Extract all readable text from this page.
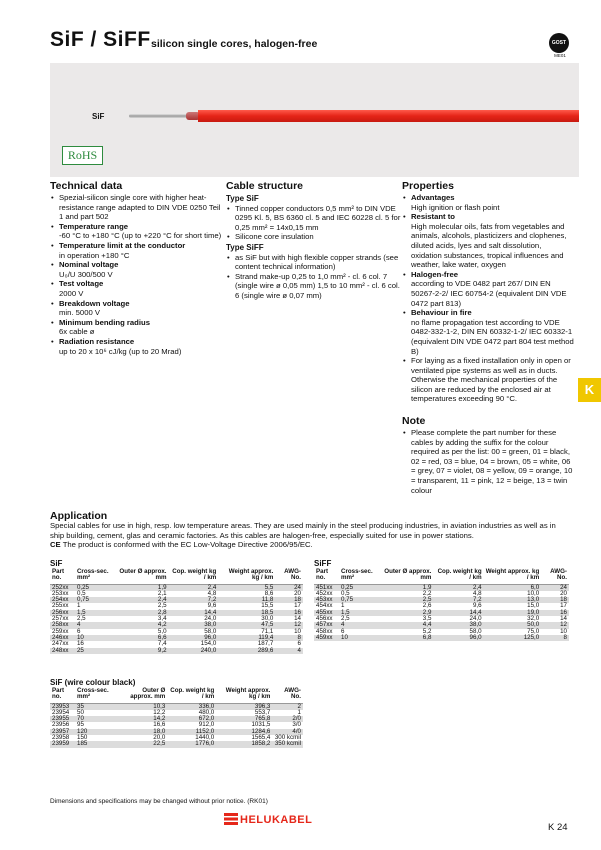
SiF / SiFF silicon single cores, halogen-free	GOST
ME01
SiF
RoHS
Technical data
• Spezial-silicon single core with higher heat-resistance range adapted to DIN VDE 0250 Teil 1 and part 502
• Temperature range
-60 °C to +180 °C (up to +220 °C for short time)
• Temperature limit at the conductor
in operation +180 °C
• Nominal voltage
U₀/U 300/500 V
• Test voltage
2000 V
• Breakdown voltage
min. 5000 V
• Minimum bending radius
6x cable ø
• Radiation resistance
up to 20 x 10⁶ cJ/kg (up to 20 Mrad)
Cable structure
Type SiF
• Tinned copper conductors 0,5 mm² to DIN VDE 0295 Kl. 5, BS 6360 cl. 5 and IEC 60228 cl. 5 for 0,25 mm² = 14x0,15 mm
• Silicone core insulation
Type SiFF
• as SiF but with high flexible copper strands (see content technical information)
• Strand make-up 0,25 to 1,0 mm² - cl. 6 col. 7 (single wire ø 0,05 mm) 1,5 to 10 mm² - cl. 6 col. 6 (single wire ø 0,07 mm)
Properties
• Advantages
High ignition or flash point
• Resistant to
High molecular oils, fats from vegetables and animals, alcohols, plasticizers and clophenes, diluted acids, lyes and salt dissolution, oxidation substances, tropical influences and weather, lake water, oxygen
• Halogen-free
according to VDE 0482 part 267/ DIN EN 50267-2-2/ IEC 60754-2 (equivalent DIN VDE 0472 part 813)
• Behaviour in fire
no flame propagation test according to VDE 0482-332-1-2, DIN EN 60332-1-2/ IEC 60332-1 (equivalent DIN VDE 0472 part 804 test method B)
• For laying as a fixed installation only in open or ventilated pipe systems as well as in ducts. Otherwise the mechanical properties of the silicon are reduced by the enclosed air at temperatures exceeding 90 °C.
K
Note
• Please complete the part number for these cables by adding the suffix for the colour required as per the list: 00 = green, 01 = black, 02 = red, 03 = blue, 04 = brown, 05 = white, 06 = grey, 07 = violet, 08 = yellow, 09 = orange, 10 = transparent, 11 = pink, 12 = beige, 13 = twin colour
Application
Special cables for use in high, resp. low temperature areas. They are used mainly in the steel producing industries, in aviation industries as well as in ship building, cement, glas and ceramic factories. As this cables are halogen-free, especially suited for use in power stations.
CE The product is conformed with the EC Low-Voltage Directive 2006/95/EC.
SiF
Part no.	Cross-sec. mm²	Outer Ø approx. mm	Cop. weight kg / km	Weight approx. kg / km	AWG-No.
252xx	0,25	1,9	2,4	5,5	24
253xx	0,5	2,1	4,8	8,6	20
254xx	0,75	2,4	7,2	11,8	18
255xx	1	2,5	9,6	15,5	17
256xx	1,5	2,8	14,4	18,5	16
257xx	2,5	3,4	24,0	30,0	14
258xx	4	4,2	38,0	47,5	12
259xx	6	5,0	58,0	71,1	10
246xx	10	6,6	96,0	119,4	8
247xx	16	7,4	154,0	187,7	6
248xx	25	9,2	240,0	289,6	4
SiFF
Part no.	Cross-sec. mm²	Outer Ø approx. mm	Cop. weight kg / km	Weight approx. kg / km	AWG-No.
451xx	0,25	1,9	2,4	6,0	24
452xx	0,5	2,2	4,8	10,0	20
453xx	0,75	2,5	7,2	13,0	18
454xx	1	2,6	9,6	15,0	17
455xx	1,5	2,9	14,4	19,0	16
456xx	2,5	3,5	24,0	32,0	14
457xx	4	4,4	38,0	50,0	12
458xx	6	5,2	58,0	75,0	10
459xx	10	6,8	96,0	125,0	8
SiF (wire colour black)
Part no.	Cross-sec. mm²	Outer Ø approx. mm	Cop. weight kg / km	Weight approx. kg / km	AWG-No.
23953	35	10,3	336,0	396,3	2
23954	50	12,2	480,0	553,7	1
23955	70	14,2	672,0	765,8	2/0
23956	95	16,6	912,0	1031,5	3/0
23957	120	18,0	1152,0	1284,6	4/0
23958	150	20,0	1440,0	1565,4	300 kcmil
23959	185	22,5	1776,0	1858,2	350 kcmil
Dimensions and specifications may be changed without prior notice. (RK01)
HELUKABEL
K 24
